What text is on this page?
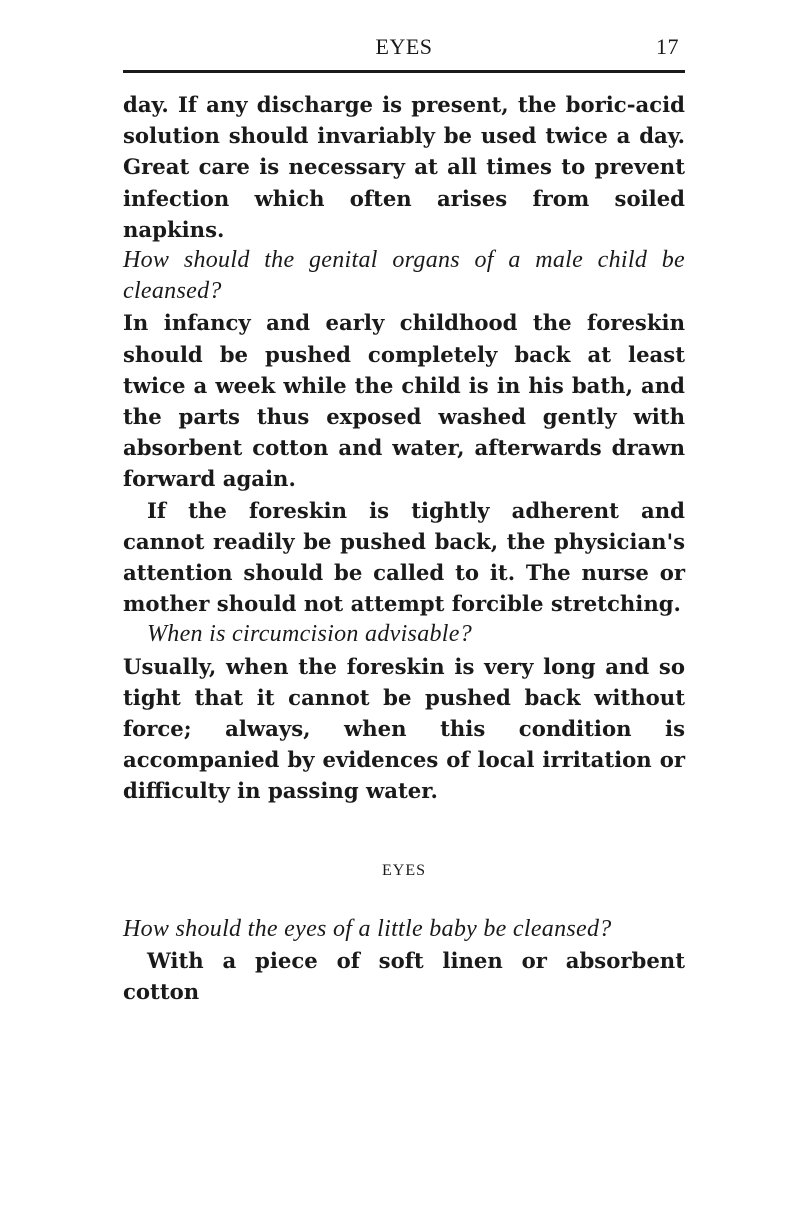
EYES	17

day. If any discharge is present, the boric-acid solution should invariably be used twice a day. Great care is necessary at all times to prevent infection which often arises from soiled napkins.

How should the genital organs of a male child be cleansed?

In infancy and early childhood the foreskin should be pushed completely back at least twice a week while the child is in his bath, and the parts thus exposed washed gently with absorbent cotton and water, afterwards drawn forward again.

If the foreskin is tightly adherent and cannot readily be pushed back, the physician's attention should be called to it. The nurse or mother should not attempt forcible stretching.

When is circumcision advisable?

Usually, when the foreskin is very long and so tight that it cannot be pushed back without force; always, when this condition is accompanied by evidences of local irritation or difficulty in passing water.

EYES

How should the eyes of a little baby be cleansed?

With a piece of soft linen or absorbent cotton
